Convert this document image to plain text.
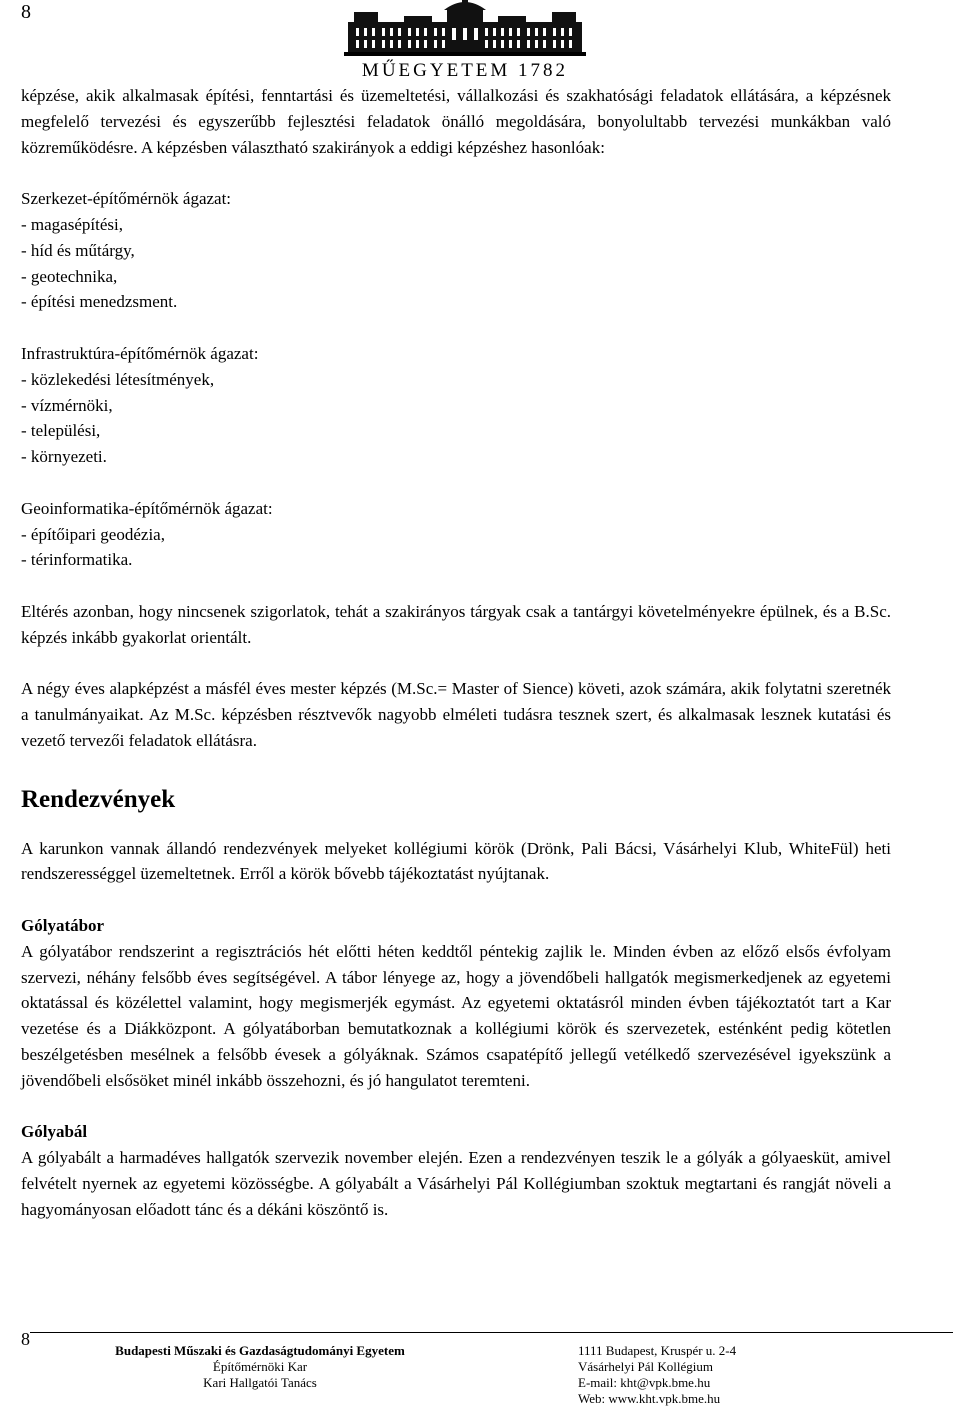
8
MŰEGYETEM 1782

képzése, akik alkalmasak építési, fenntartási és üzemeltetési, vállalkozási és szakhatósági feladatok ellátására, a képzésnek megfelelő tervezési és egyszerűbb fejlesztési feladatok önálló megoldására, bonyolultabb tervezési munkákban való közreműködésre. A képzésben választható szakirányok a eddigi képzéshez hasonlóak:

Szerkezet-építőmérnök ágazat:

- magasépítési,

- híd és műtárgy,

- geotechnika,

- építési menedzsment.

Infrastruktúra-építőmérnök ágazat:

- közlekedési létesítmények,

- vízmérnöki,

- települési,

- környezeti.

Geoinformatika-építőmérnök ágazat:

- építőipari geodézia,

- térinformatika.

Eltérés azonban, hogy nincsenek szigorlatok, tehát a szakirányos tárgyak csak a tantárgyi követelményekre épülnek, és a B.Sc. képzés inkább gyakorlat orientált.

A négy éves alapképzést a másfél éves mester képzés (M.Sc.= Master of Sience) követi, azok számára, akik folytatni szeretnék a tanulmányaikat. Az M.Sc. képzésben résztvevők nagyobb elméleti tudásra tesznek szert, és alkalmasak lesznek kutatási és vezető tervezői feladatok ellátásra.

Rendezvények

A karunkon vannak állandó rendezvények melyeket kollégiumi körök (Drönk, Pali Bácsi, Vásárhelyi Klub, WhiteFül) heti rendszerességgel üzemeltetnek. Erről a körök bővebb tájékoztatást nyújtanak.

Gólyatábor

A gólyatábor rendszerint a regisztrációs hét előtti héten keddtől péntekig zajlik le. Minden évben az előző elsős évfolyam szervezi, néhány felsőbb éves segítségével. A tábor lényege az, hogy a jövendőbeli hallgatók megismerkedjenek az egyetemi oktatással és közélettel valamint, hogy megismerjék egymást. Az egyetemi oktatásról minden évben tájékoztatót tart a Kar vezetése és a Diákközpont. A gólyatáborban bemutatkoznak a kollégiumi körök és szervezetek, esténként pedig kötetlen beszélgetésben mesélnek a felsőbb évesek a gólyáknak. Számos csapatépítő jellegű vetélkedő szervezésével igyekszünk a jövendőbeli elsősöket minél inkább összehozni, és jó hangulatot teremteni.

Gólyabál

A gólyabált a harmadéves hallgatók szervezik november elején. Ezen a rendezvényen teszik le a gólyák a gólyaesküt, amivel felvételt nyernek az egyetemi közösségbe. A gólyabált a Vásárhelyi Pál Kollégiumban szoktuk megtartani és rangját növeli a hagyományosan előadott tánc és a dékáni köszöntő is.

8
Budapesti Műszaki és Gazdaságtudományi Egyetem
Építőmérnöki Kar
Kari Hallgatói Tanács
1111 Budapest, Kruspér u. 2-4
Vásárhelyi Pál Kollégium
E-mail: kht@vpk.bme.hu
Web: www.kht.vpk.bme.hu
